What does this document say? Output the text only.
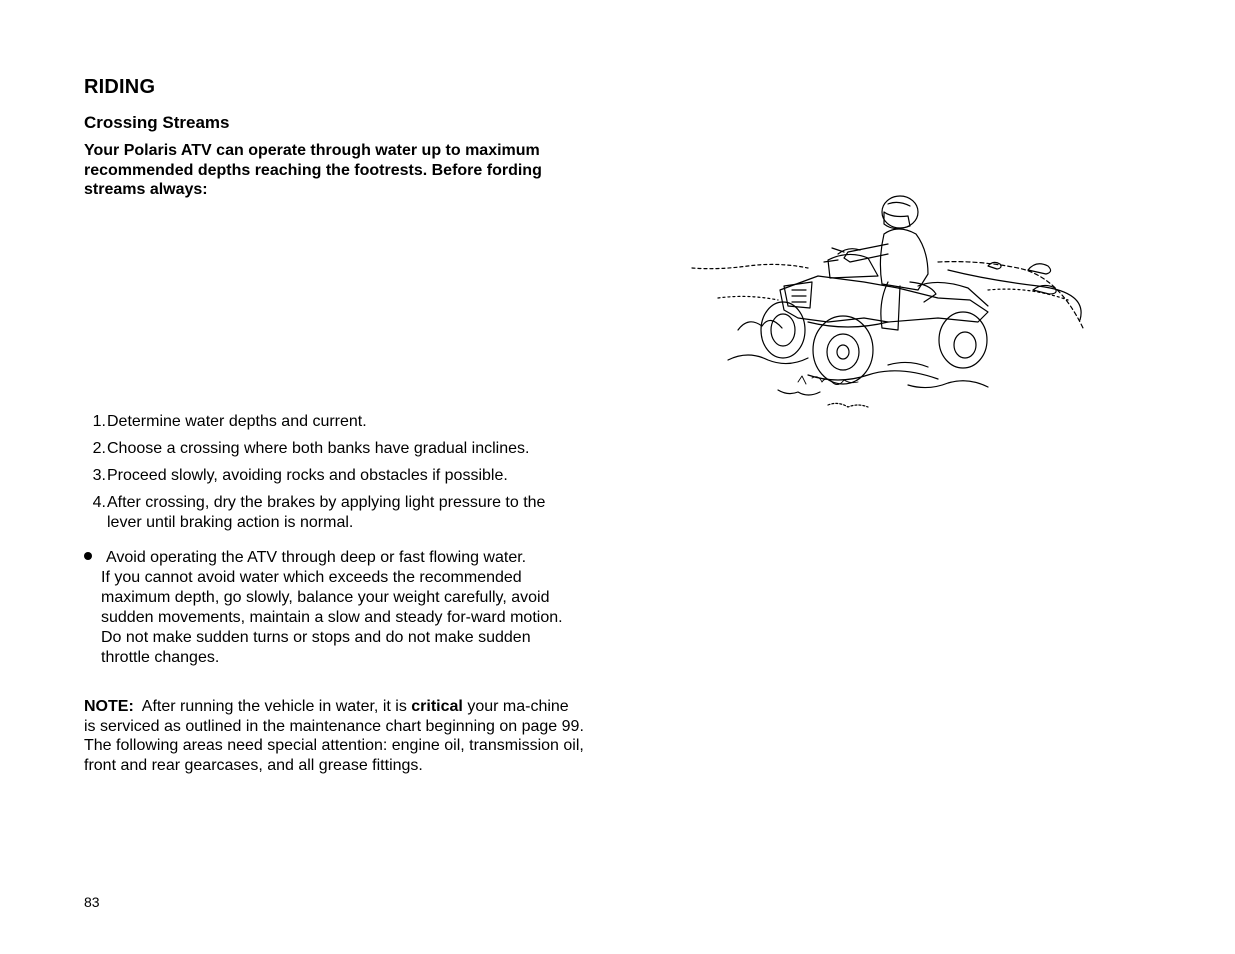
RIDING
Crossing Streams

Your Polaris ATV can operate through water up to maximum recommended depths reaching the footrests. Before fording streams always:

1. Determine water depths and current.
2. Choose a crossing where both banks have gradual inclines.
3. Proceed slowly, avoiding rocks and obstacles if possible.
4. After crossing, dry the brakes by applying light pressure to the lever until braking action is normal.

Avoid operating the ATV through deep or fast flowing water.
If you cannot avoid water which exceeds the recommended maximum depth, go slowly, balance your weight carefully, avoid sudden movements, maintain a slow and steady for-ward motion. Do not make sudden turns or stops and do not make sudden throttle changes.

NOTE: After running the vehicle in water, it is critical your ma-chine is serviced as outlined in the maintenance chart beginning on page 99. The following areas need special attention: engine oil, transmission oil, front and rear gearcases, and all grease fittings.

83
